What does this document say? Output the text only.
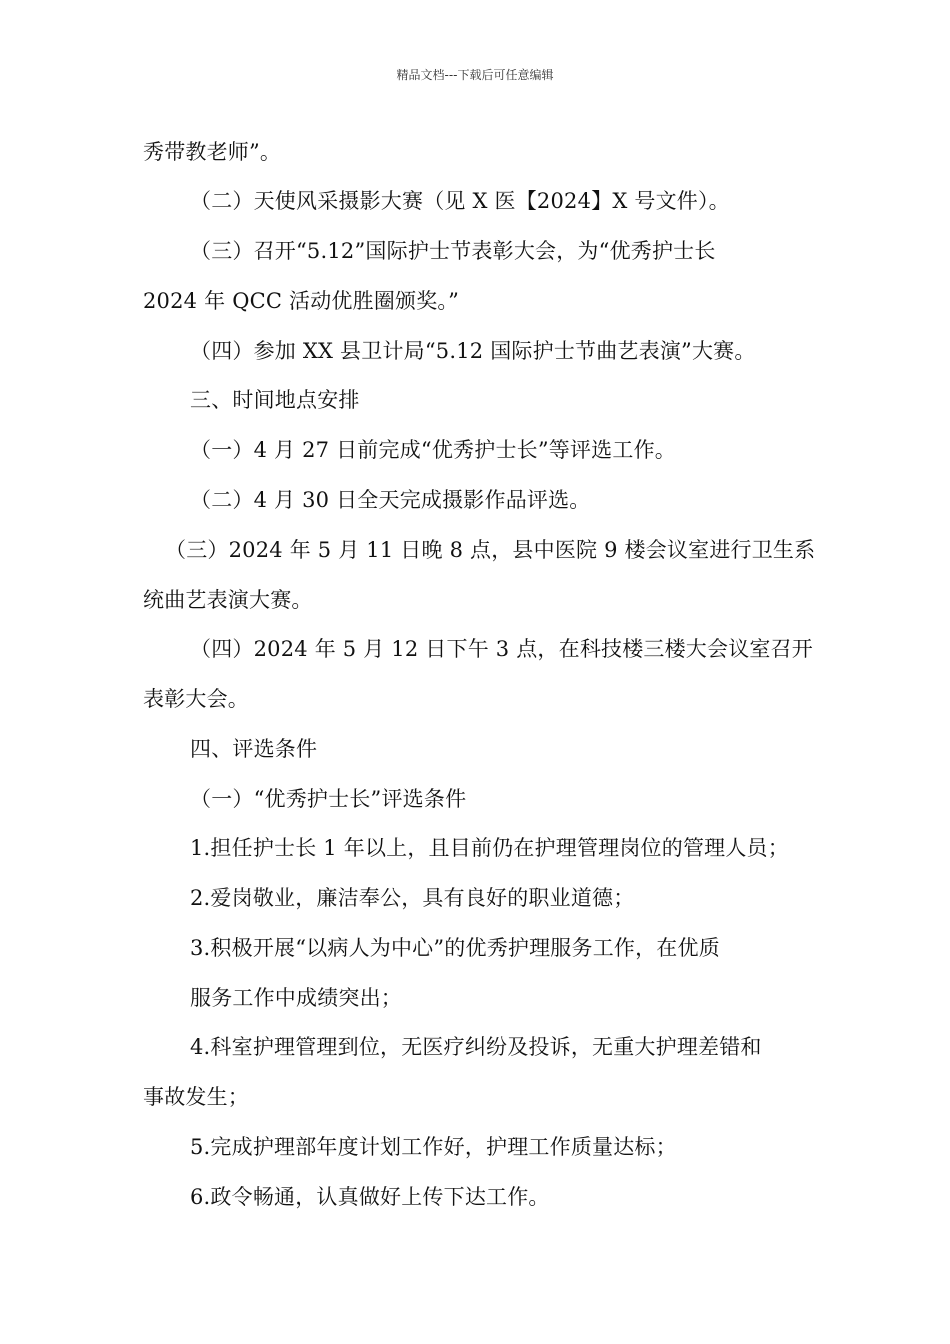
精品文档---下载后可任意编辑
秀带教老师”。
（二）天使风采摄影大赛（见 X 医【2024】X 号文件）。
（三）召开“5.12”国际护士节表彰大会，为“优秀护士长
2024 年 QCC 活动优胜圈颁奖。”
（四）参加 XX 县卫计局“5.12 国际护士节曲艺表演”大赛。
三、时间地点安排
（一）4 月 27 日前完成“优秀护士长”等评选工作。
（二）4 月 30 日全天完成摄影作品评选。
（三）2024 年 5 月 11 日晚 8 点，县中医院 9 楼会议室进行卫生系
统曲艺表演大赛。
（四）2024 年 5 月 12 日下午 3 点，在科技楼三楼大会议室召开
表彰大会。
四、评选条件
（一）“优秀护士长”评选条件
1.担任护士长 1 年以上，且目前仍在护理管理岗位的管理人员；
2.爱岗敬业，廉洁奉公，具有良好的职业道德；
3.积极开展“以病人为中心”的优秀护理服务工作，在优质
服务工作中成绩突出；
4.科室护理管理到位，无医疗纠纷及投诉，无重大护理差错和
事故发生；
5.完成护理部年度计划工作好，护理工作质量达标；
6.政令畅通，认真做好上传下达工作。
